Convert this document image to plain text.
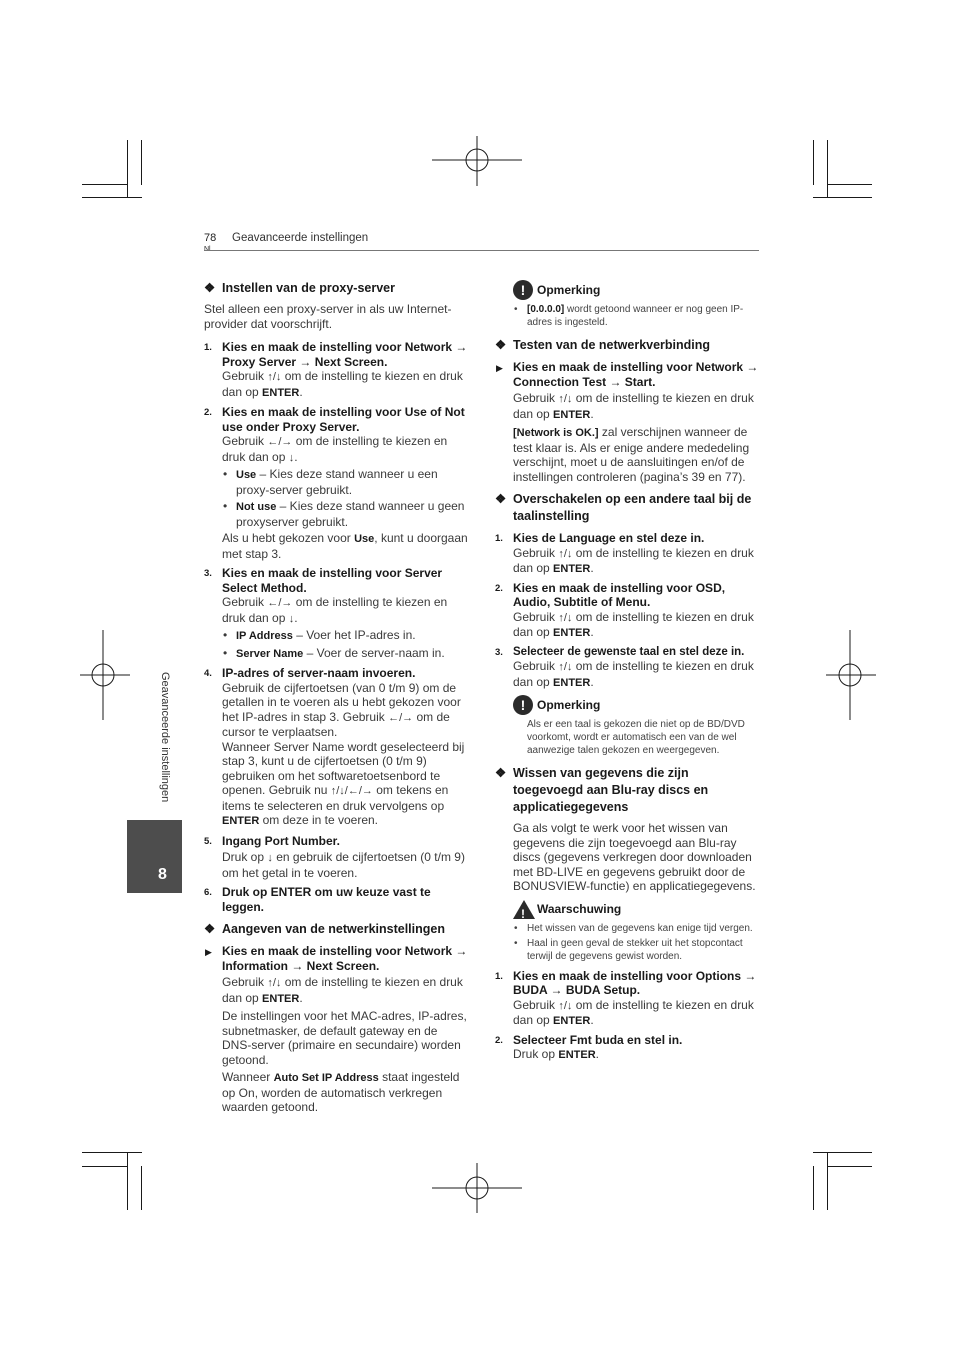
78 Geavanceerde instellingen
Geavanceerde instellingen
8
❖ Instellen van de proxy-server

Stel alleen een proxy-server in als uw Internet-provider dat voorschrijft.

1. Kies en maak de instelling voor Network → Proxy Server → Next Screen.
Gebruik ↑/↓ om de instelling te kiezen en druk dan op ENTER.
2. Kies en maak de instelling voor Use of Not use onder Proxy Server.
Gebruik ←/→ om de instelling te kiezen en druk dan op ↓.
• Use – Kies deze stand wanneer u een proxy-server gebruikt.
• Not use – Kies deze stand wanneer u geen proxyserver gebruikt.
Als u hebt gekozen voor Use, kunt u doorgaan met stap 3.
3. Kies en maak de instelling voor Server Select Method.
Gebruik ←/→ om de instelling te kiezen en druk dan op ↓.
• IP Address – Voer het IP-adres in.
• Server Name – Voer de server-naam in.
4. IP-adres of server-naam invoeren.
Gebruik de cijfertoetsen (van 0 t/m 9) om de getallen in te voeren als u hebt gekozen voor het IP-adres in stap 3. Gebruik ←/→ om de cursor te verplaatsen.
Wanneer Server Name wordt geselecteerd bij stap 3, kunt u de cijfertoetsen (0 t/m 9) gebruiken om het softwaretoetsenbord te openen. Gebruik nu ↑/↓/←/→ om tekens en items te selecteren en druk vervolgens op ENTER om deze in te voeren.
5. Ingang Port Number.
Druk op ↓ en gebruik de cijfertoetsen (0 t/m 9) om het getal in te voeren.
6. Druk op ENTER om uw keuze vast te leggen.
❖ Aangeven van de netwerkinstellingen
▶ Kies en maak de instelling voor Network → Information → Next Screen.
Gebruik ↑/↓ om de instelling te kiezen en druk dan op ENTER.

De instellingen voor het MAC-adres, IP-adres, subnetmasker, de default gateway en de DNS-server (primaire en secundaire) worden getoond.

Wanneer Auto Set IP Address staat ingesteld op On, worden de automatisch verkregen waarden getoond.
! Opmerking
• [0.0.0.0] wordt getoond wanneer er nog geen IP-adres is ingesteld.
❖ Testen van de netwerkverbinding
▶ Kies en maak de instelling voor Network → Connection Test → Start.
Gebruik ↑/↓ om de instelling te kiezen en druk dan op ENTER.
[Network is OK.] zal verschijnen wanneer de test klaar is. Als er enige andere mededeling verschijnt, moet u de aansluitingen en/of de instellingen controleren (pagina’s 39 en 77).
❖ Overschakelen op een andere taal bij de taalinstelling
1. Kies de Language en stel deze in.
Gebruik ↑/↓ om de instelling te kiezen en druk dan op ENTER.
2. Kies en maak de instelling voor OSD, Audio, Subtitle of Menu.
Gebruik ↑/↓ om de instelling te kiezen en druk dan op ENTER.
3. Selecteer de gewenste taal en stel deze in.
Gebruik ↑/↓ om de instelling te kiezen en druk dan op ENTER.
! Opmerking
Als er een taal is gekozen die niet op de BD/DVD voorkomt, wordt er automatisch een van de wel aanwezige talen gekozen en weergegeven.
❖ Wissen van gegevens die zijn toegevoegd aan Blu-ray discs en applicatiegegevens

Ga als volgt te werk voor het wissen van gegevens die zijn toegevoegd aan Blu-ray discs (gegevens verkregen door downloaden met BD-LIVE en gegevens gebruikt door de BONUSVIEW-functie) en applicatiegegevens.

! Waarschuwing
• Het wissen van de gegevens kan enige tijd vergen.
• Haal in geen geval de stekker uit het stopcontact terwijl de gegevens gewist worden.
1. Kies en maak de instelling voor Options → BUDA → BUDA Setup.
Gebruik ↑/↓ om de instelling te kiezen en druk dan op ENTER.
2. Selecteer Fmt buda en stel in.
Druk op ENTER.
